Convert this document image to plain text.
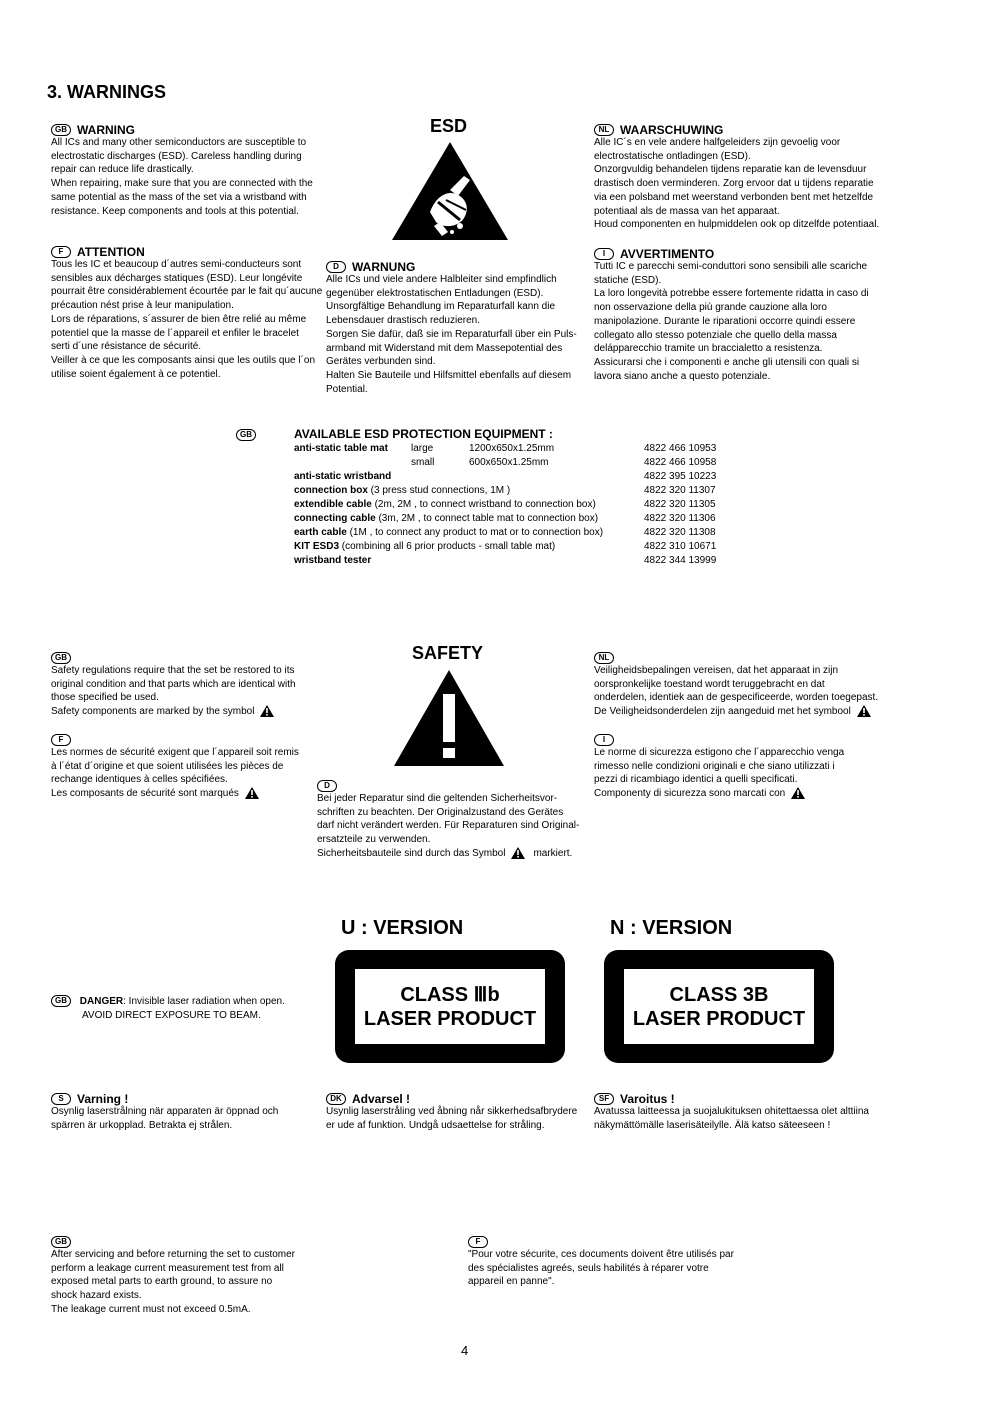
3. WARNINGS
GB WARNING

All ICs and many other semiconductors are susceptible to
electrostatic discharges (ESD). Careless handling during
repair can reduce life drastically.
When repairing, make sure that you are connected with the
same potential as the mass of the set via a wristband with
resistance. Keep components and tools at this potential.

F ATTENTION

Tous les IC et beaucoup d´autres semi-conducteurs sont
sensibles aux décharges statiques (ESD). Leur longévite
pourrait être considérablement écourtée par le fait qu´aucune
précaution nést prise à leur manipulation.
Lors de réparations, s´assurer de bien être relié au même
potentiel que la masse de l´appareil et enfiler le bracelet
serti d´une résistance de sécurité.
Veiller à ce que les composants ainsi que les outils que l´on
utilise soient également à ce potentiel.

ESD
D WARNUNG

Alle ICs und viele andere Halbleiter sind empfindlich
gegenüber elektrostatischen Entladungen (ESD).
Unsorgfältige Behandlung im Reparaturfall kann die
Lebensdauer drastisch reduzieren.
Sorgen Sie dafür, daß sie im Reparaturfall über ein Puls-
armband mit Widerstand mit dem Massepotential des
Gerätes verbunden sind.
Halten Sie Bauteile und Hilfsmittel ebenfalls auf diesem
Potential.

NL WAARSCHUWING

Alle IC´s en vele andere halfgeleiders zijn gevoelig voor
electrostatische ontladingen (ESD).
Onzorgvuldig behandelen tijdens reparatie kan de levensduur
drastisch doen verminderen. Zorg ervoor dat u tijdens reparatie
via een polsband met weerstand verbonden bent met hetzelfde
potentiaal als de massa van het apparaat.
Houd componenten en hulpmiddelen ook op ditzelfde potentiaal.

I AVVERTIMENTO

Tutti IC e parecchi semi-conduttori sono sensibili alle scariche
statiche (ESD).
La loro longevità potrebbe essere fortemente ridatta in caso di
non osservazione della più grande cauzione alla loro
manipolazione. Durante le riparationi occorre quindi essere
collegato allo stesso potenziale che quello della massa
delápparecchio tramite un braccialetto a resistenza.
Assicurarsi che i componenti e anche gli utensili con quali si
lavora siano anche a questo potenziale.

GB	AVAILABLE ESD PROTECTION EQUIPMENT :
anti-static table mat	large	1200x650x1.25mm	4822 466 10953
	small	600x650x1.25mm	4822 466 10958
anti-static wristband			4822 395 10223
connection box (3 press stud connections, 1M )			4822 320 11307
extendible cable (2m, 2M , to connect wristband to connection box)			4822 320 11305
connecting cable (3m, 2M , to connect table mat to connection box)			4822 320 11306
earth cable (1M , to connect any product to mat or to connection box)			4822 320 11308
KIT ESD3 (combining all 6 prior products - small table mat)			4822 310 10671
wristband tester			4822 344 13999
GB

Safety regulations require that the set be restored to its
original condition and that parts which are identical with
those specified be used.

Safety components are marked by the symbol
F

Les normes de sécurité exigent que l´appareil soit remis
à l´état d´origine et que soient utilisées les pièces de
rechange identiques à celles spécifiées.

Les composants de sécurité sont marqués
SAFETY
D

Bei jeder Reparatur sind die geltenden Sicherheitsvor-
schriften zu beachten. Der Originalzustand des Gerätes
darf nicht verändert werden. Für Reparaturen sind Original-
ersatzteile zu verwenden.

Sicherheitsbauteile sind durch das Symbol	markiert.
NL

Veiligheidsbepalingen vereisen, dat het apparaat in zijn
oorspronkelijke toestand wordt teruggebracht en dat
onderdelen, identiek aan de gespecificeerde, worden toegepast.

De Veiligheidsonderdelen zijn aangeduid met het symbool
I

Le norme di sicurezza estigono che l´apparecchio venga
rimesso nelle condizioni originali e che siano utilizzati i
pezzi di ricambiago identici a quelli specificati.

Componenty di sicurezza sono marcati con
U : VERSION	N : VERSION
CLASS Ⅲb
LASER PRODUCT
CLASS 3B
LASER PRODUCT
GB DANGER: Invisible laser radiation when open.
AVOID DIRECT EXPOSURE TO BEAM.
S Varning !

Osynlig laserstrålning när apparaten är öppnad och
spärren är urkopplad. Betrakta ej strålen.

DK Advarsel !

Usynlig laserstråling ved åbning når sikkerhedsafbrydere
er ude af funktion. Undgå udsaettelse for stråling.

SF Varoitus !

Avatussa laitteessa ja suojalukituksen ohitettaessa olet alttiina
näkymättömälle laserisäteilylle. Älä katso säteeseen !

GB

After servicing and before returning the set to customer
perform a leakage current measurement test from all
exposed metal parts to earth ground, to assure no
shock hazard exists.
The leakage current must not exceed 0.5mA.

F

"Pour votre sécurite, ces documents doivent être utilisés par
des spécialistes agreés, seuls habilités à réparer votre
appareil en panne".

4
